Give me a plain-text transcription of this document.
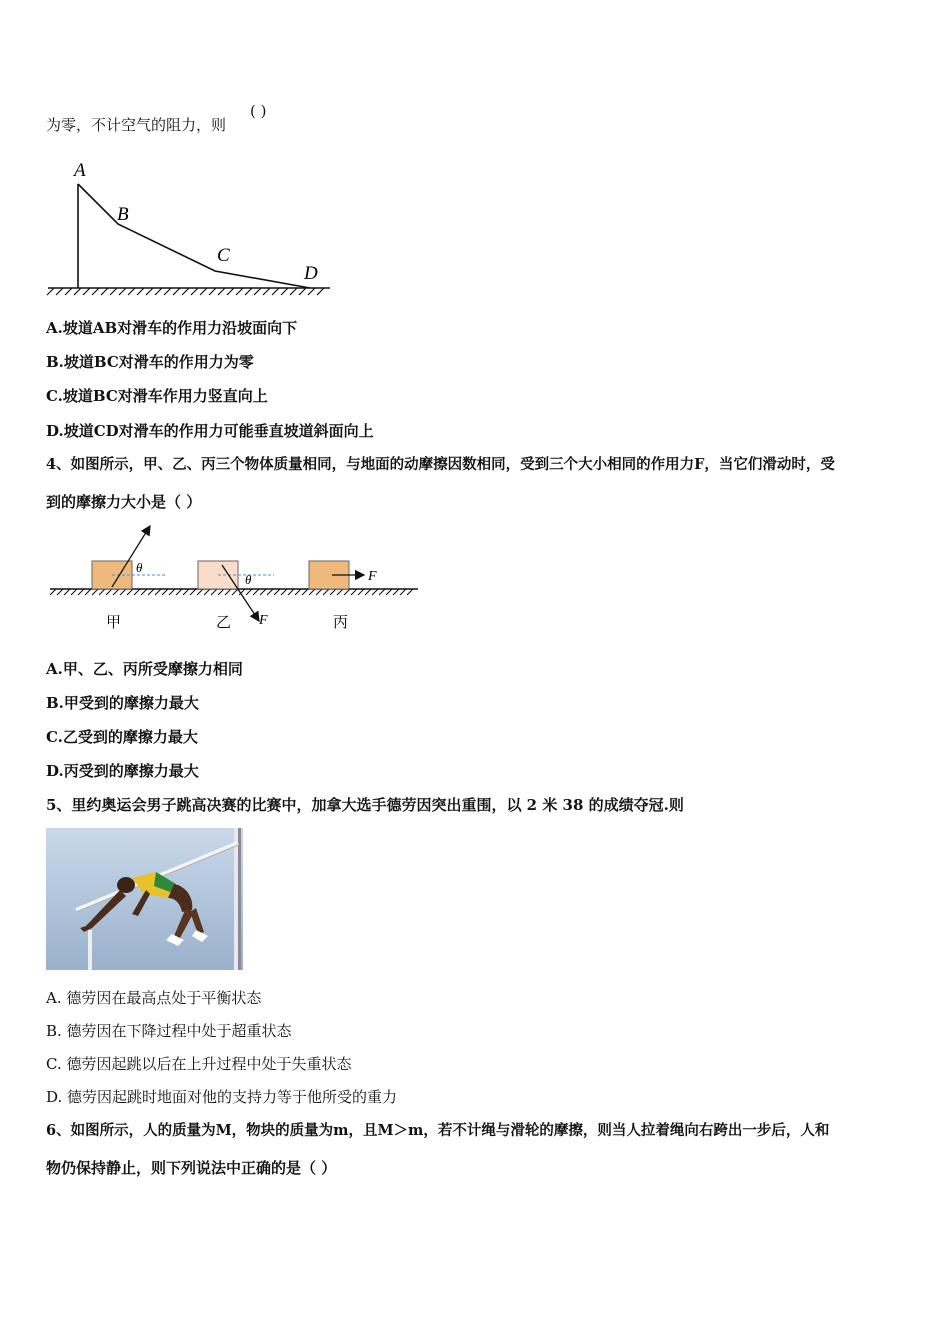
为零，不计空气的阻力，则
( )
A
B
C
D
A.坡道AB对滑车的作用力沿坡面向下
B.坡道BC对滑车的作用力为零
C.坡道BC对滑车作用力竖直向上
D.坡道CD对滑车的作用力可能垂直坡道斜面向上
4、如图所示，甲、乙、丙三个物体质量相同，与地面的动摩擦因数相同，受到三个大小相同的作用力F，当它们滑动时，受
到的摩擦力大小是（ ）
θ
θ
F
F
甲	乙	丙
A.甲、乙、丙所受摩擦力相同
B.甲受到的摩擦力最大
C.乙受到的摩擦力最大
D.丙受到的摩擦力最大
5、里约奥运会男子跳高决赛的比赛中，加拿大选手德劳因突出重围，以 2 米 38 的成绩夺冠.则
A. 德劳因在最高点处于平衡状态
B. 德劳因在下降过程中处于超重状态
C. 德劳因起跳以后在上升过程中处于失重状态
D. 德劳因起跳时地面对他的支持力等于他所受的重力
6、如图所示，人的质量为M，物块的质量为m，且M＞m，若不计绳与滑轮的摩擦，则当人拉着绳向右跨出一步后，人和
物仍保持静止，则下列说法中正确的是（ ）
